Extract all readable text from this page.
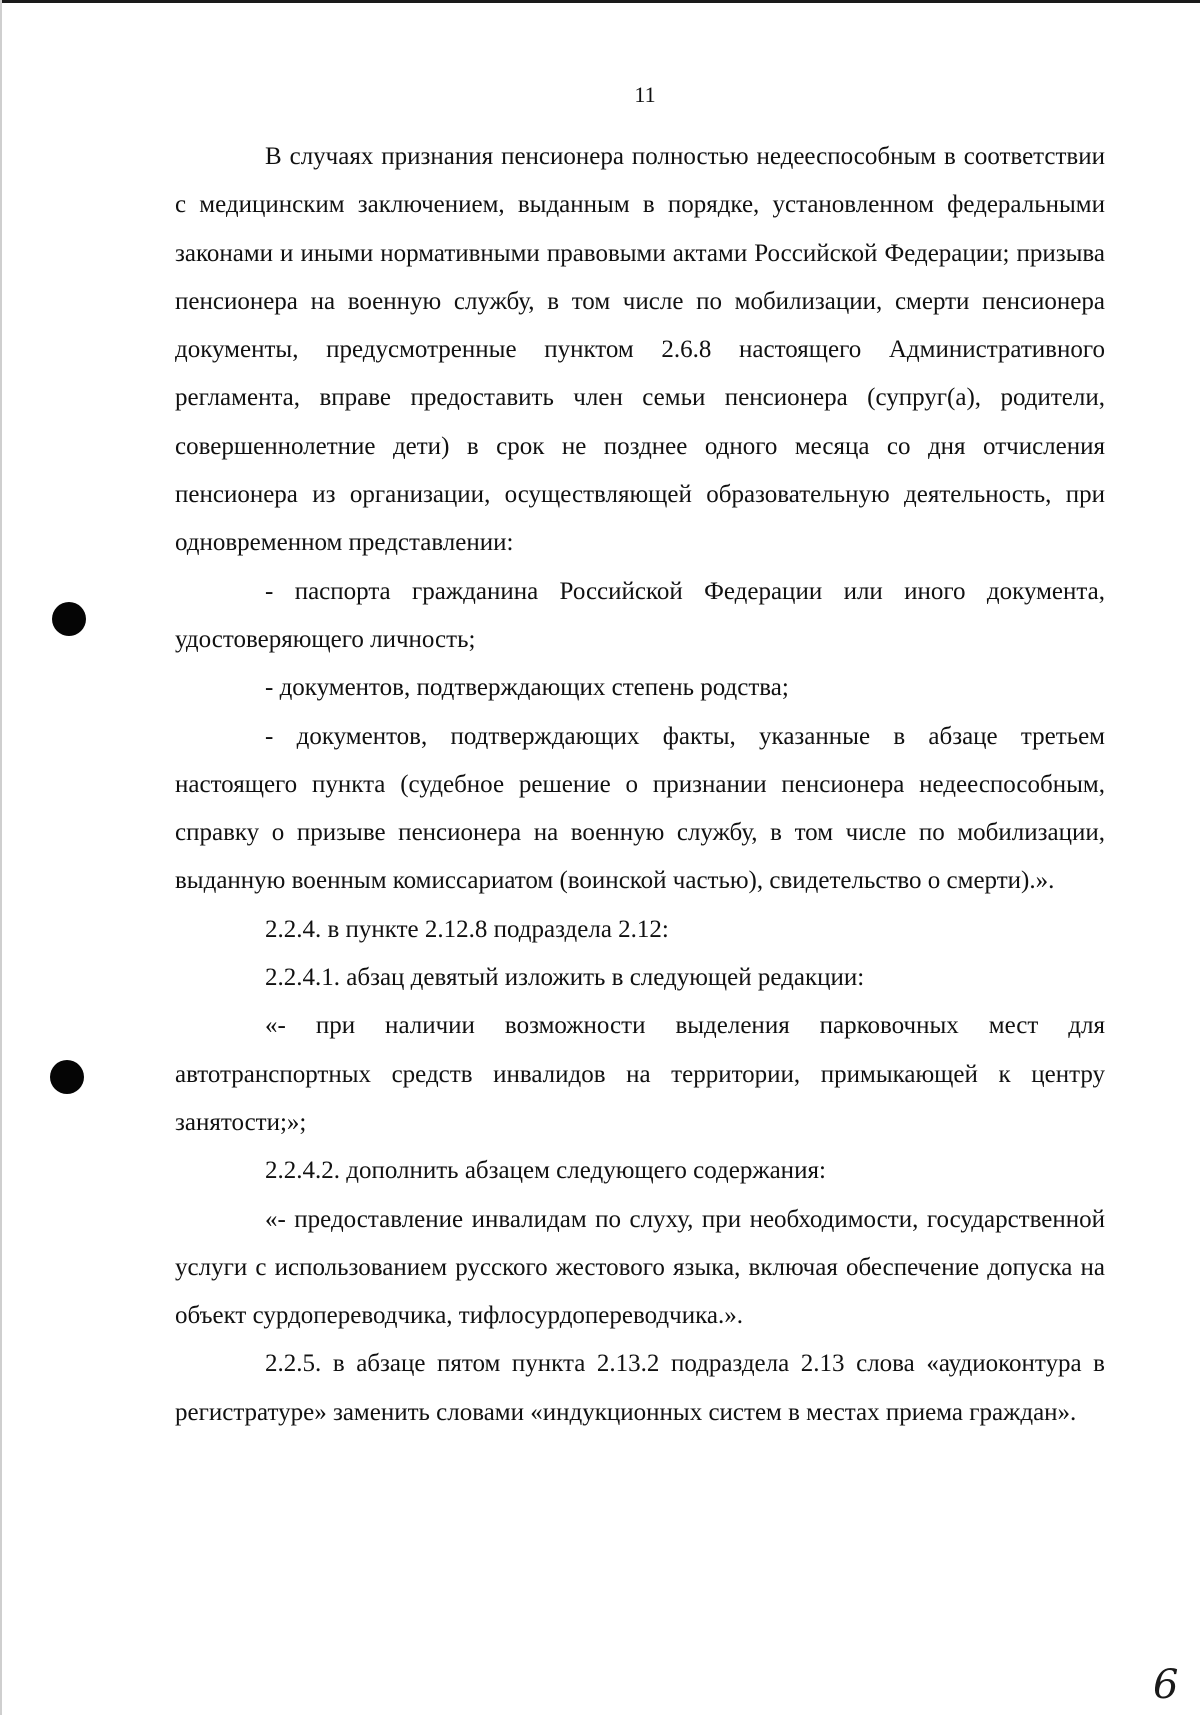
11

В случаях признания пенсионера полностью недееспособным в соответствии с медицинским заключением, выданным в порядке, установленном федеральными законами и иными нормативными правовыми актами Российской Федерации; призыва пенсионера на военную службу, в том числе по мобилизации, смерти пенсионера документы, предусмотренные пунктом 2.6.8 настоящего Административного регламента, вправе предоставить член семьи пенсионера (супруг(а), родители, совершеннолетние дети) в срок не позднее одного месяца со дня отчисления пенсионера из организации, осуществляющей образовательную деятельность, при одновременном представлении:

- паспорта гражданина Российской Федерации или иного документа, удостоверяющего личность;

- документов, подтверждающих степень родства;

- документов, подтверждающих факты, указанные в абзаце третьем настоящего пункта (судебное решение о признании пенсионера недееспособным, справку о призыве пенсионера на военную службу, в том числе по мобилизации, выданную военным комиссариатом (воинской частью), свидетельство о смерти).».

2.2.4. в пункте 2.12.8 подраздела 2.12:

2.2.4.1. абзац девятый изложить в следующей редакции:

«- при наличии возможности выделения парковочных мест для автотранспортных средств инвалидов на территории, примыкающей к центру занятости;»;

2.2.4.2. дополнить абзацем следующего содержания:

«- предоставление инвалидам по слуху, при необходимости, государственной услуги с использованием русского жестового языка, включая обеспечение допуска на объект сурдопереводчика, тифлосурдопереводчика.».

2.2.5. в абзаце пятом пункта 2.13.2 подраздела 2.13 слова «аудиоконтура в регистратуре» заменить словами «индукционных систем в местах приема граждан».

6
